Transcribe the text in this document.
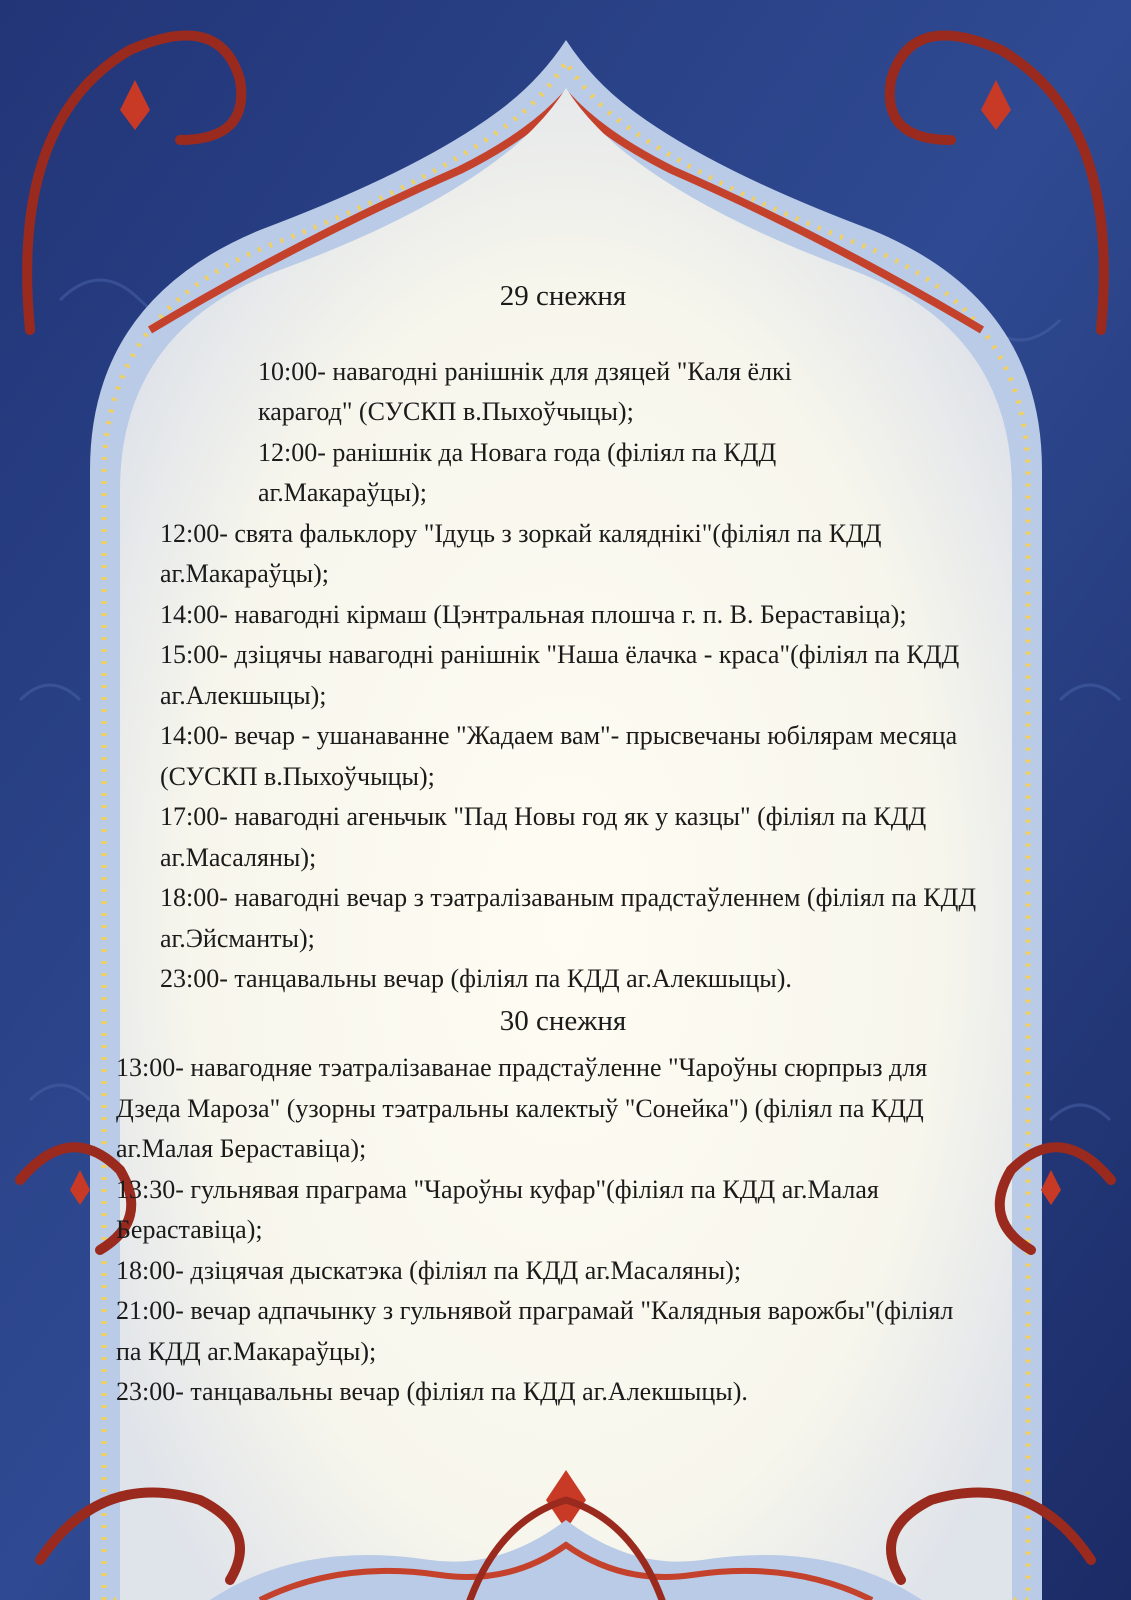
29 снежня
10:00- навагодні ранішнік для дзяцей "Каля ёлкі
карагод" (СУСКП в.Пыхоўчыцы);
12:00- ранішнік да Новага года (філіял па КДД
аг.Макараўцы);
12:00- свята фальклору "Ідуць з зоркай каляднікі"(філіял па КДД
аг.Макараўцы);
14:00- навагодні кірмаш (Цэнтральная плошча г. п. В. Бераставіца);
15:00- дзіцячы навагодні ранішнік "Наша ёлачка - краса"(філіял па КДД
аг.Алекшыцы);
14:00- вечар - ушанаванне "Жадаем вам"- прысвечаны юбілярам месяца
(СУСКП в.Пыхоўчыцы);
17:00- навагодні агеньчык "Пад Новы год як у казцы" (філіял па КДД
аг.Масаляны);
18:00- навагодні вечар з тэатралізаваным прадстаўленнем (філіял па КДД
аг.Эйсманты);
23:00- танцавальны вечар (філіял па КДД аг.Алекшыцы).
30 снежня
13:00- навагодняе тэатралізаванае прадстаўленне "Чароўны сюрпрыз для
Дзеда Мароза" (узорны тэатральны калектыў "Сонейка") (філіял па КДД
аг.Малая Бераставіца);
13:30- гульнявая праграма "Чароўны куфар"(філіял па КДД аг.Малая
Бераставіца);
18:00- дзіцячая дыскатэка (філіял па КДД аг.Масаляны);
21:00- вечар адпачынку з гульнявой праграмай "Калядныя варожбы"(філіял
па КДД аг.Макараўцы);
23:00- танцавальны вечар (філіял па КДД аг.Алекшыцы).
